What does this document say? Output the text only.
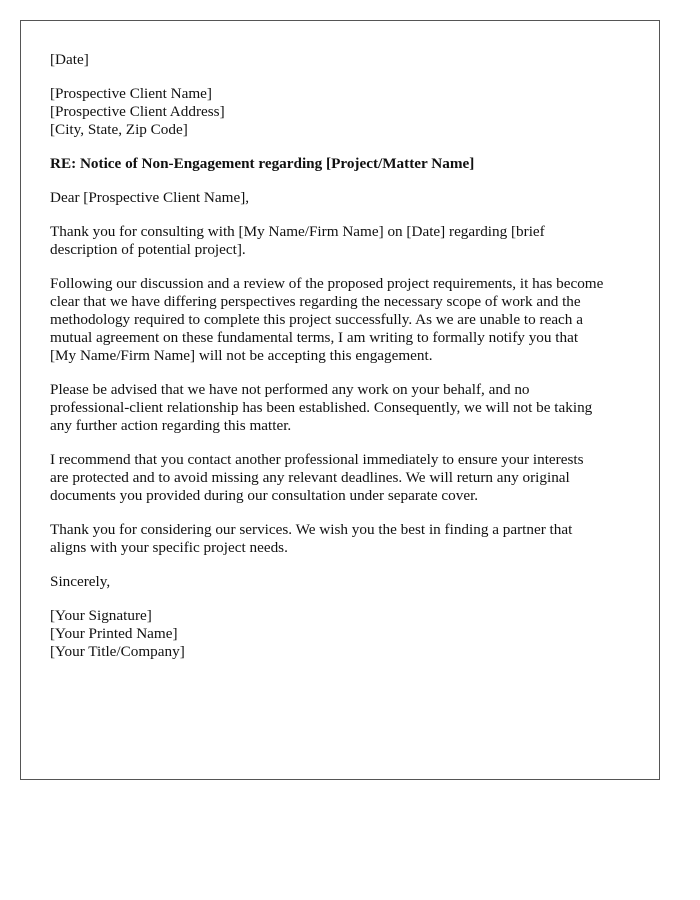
[Date]
[Prospective Client Name]
[Prospective Client Address]
[City, State, Zip Code]
RE: Notice of Non-Engagement regarding [Project/Matter Name]
Dear [Prospective Client Name],
Thank you for consulting with [My Name/Firm Name] on [Date] regarding [brief
description of potential project].
Following our discussion and a review of the proposed project requirements, it has become
clear that we have differing perspectives regarding the necessary scope of work and the
methodology required to complete this project successfully. As we are unable to reach a
mutual agreement on these fundamental terms, I am writing to formally notify you that
[My Name/Firm Name] will not be accepting this engagement.
Please be advised that we have not performed any work on your behalf, and no
professional-client relationship has been established. Consequently, we will not be taking
any further action regarding this matter.
I recommend that you contact another professional immediately to ensure your interests
are protected and to avoid missing any relevant deadlines. We will return any original
documents you provided during our consultation under separate cover.
Thank you for considering our services. We wish you the best in finding a partner that
aligns with your specific project needs.
Sincerely,
[Your Signature]
[Your Printed Name]
[Your Title/Company]
